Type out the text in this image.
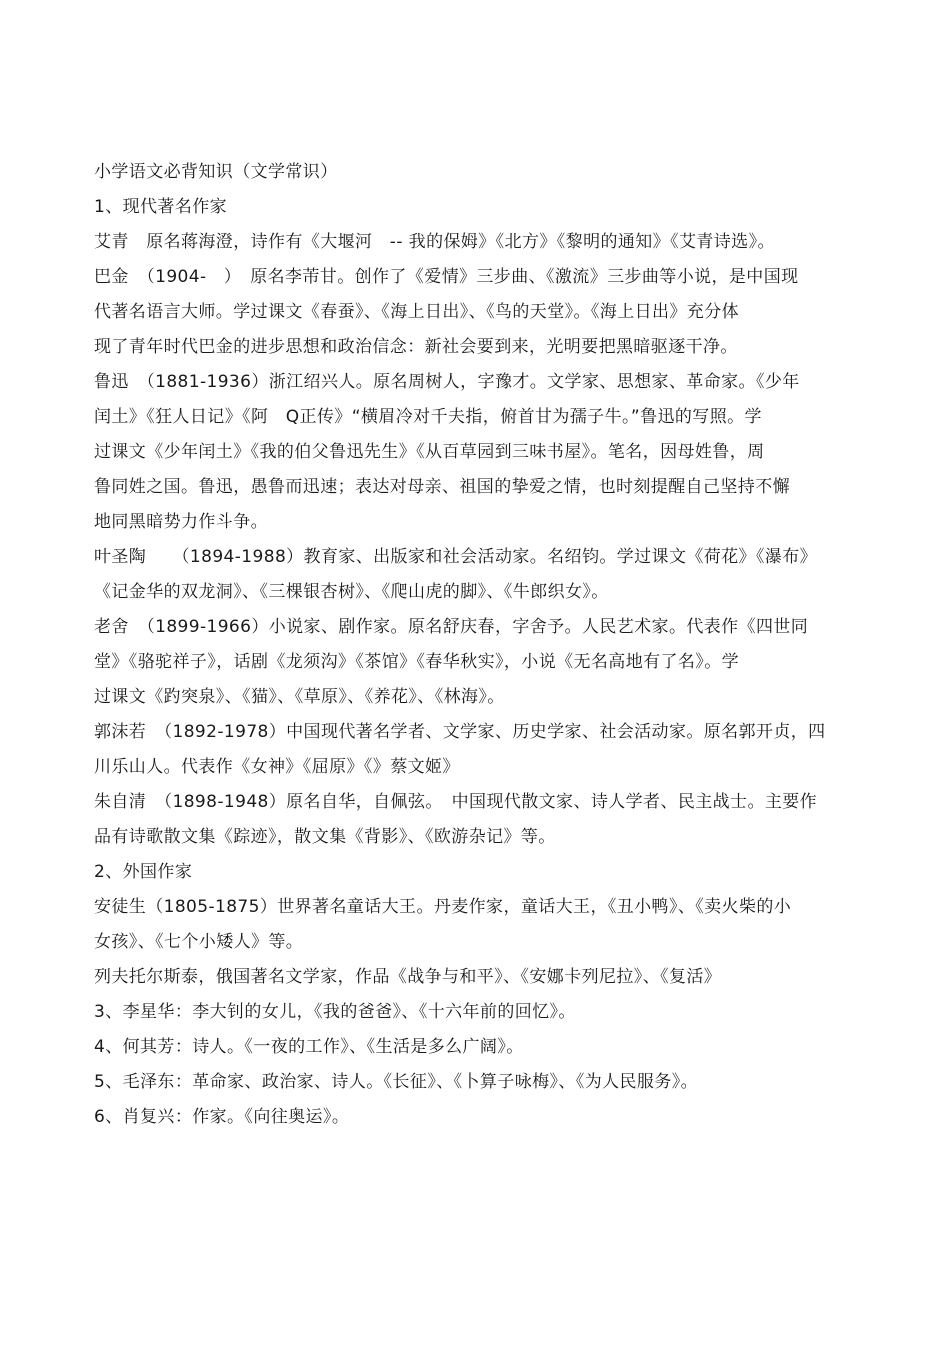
小学语文必背知识（文学常识）
1、现代著名作家
艾青　原名蒋海澄，诗作有《大堰河　-- 我的保姆》《北方》《黎明的通知》《艾青诗选》。
巴金　（1904-　）　原名李芾甘。创作了《爱情》三步曲、《激流》三步曲等小说，是中国现
代著名语言大师。学过课文《春蚕》、《海上日出》、《鸟的天堂》。《海上日出》充分体
现了青年时代巴金的进步思想和政治信念：新社会要到来，光明要把黑暗驱逐干净。
鲁迅　（1881-1936）浙江绍兴人。原名周树人，字豫才。文学家、思想家、革命家。《少年
闰土》《狂人日记》《阿　Q正传》“横眉冷对千夫指，俯首甘为孺子牛。”鲁迅的写照。学
过课文《少年闰土》《我的伯父鲁迅先生》《从百草园到三味书屋》。笔名，因母姓鲁，周
鲁同姓之国。鲁迅，愚鲁而迅速；表达对母亲、祖国的挚爱之情，也时刻提醒自己坚持不懈
地同黑暗势力作斗争。
叶圣陶　　（1894-1988）教育家、出版家和社会活动家。名绍钧。学过课文《荷花》《瀑布》
《记金华的双龙洞》、《三棵银杏树》、《爬山虎的脚》、《牛郎织女》。
老舍　（1899-1966）小说家、剧作家。原名舒庆春，字舍予。人民艺术家。代表作《四世同
堂》《骆驼祥子》，话剧《龙须沟》《茶馆》《春华秋实》，小说《无名高地有了名》。学
过课文《趵突泉》、《猫》、《草原》、《养花》、《林海》。
郭沫若　（1892-1978）中国现代著名学者、文学家、历史学家、社会活动家。原名郭开贞，四
川乐山人。代表作《女神》《屈原》《》蔡文姬》
朱自清　（1898-1948）原名自华，自佩弦。　中国现代散文家、诗人学者、民主战士。主要作
品有诗歌散文集《踪迹》，散文集《背影》、《欧游杂记》等。
2、外国作家
安徒生（1805-1875）世界著名童话大王。丹麦作家，童话大王，《丑小鸭》、《卖火柴的小
女孩》、《七个小矮人》等。
列夫托尔斯泰，俄国著名文学家，作品《战争与和平》、《安娜卡列尼拉》、《复活》
3、李星华：李大钊的女儿，《我的爸爸》、《十六年前的回忆》。
4、何其芳：诗人。《一夜的工作》、《生活是多么广阔》。
5、毛泽东：革命家、政治家、诗人。《长征》、《卜算子咏梅》、《为人民服务》。
6、肖复兴：作家。《向往奥运》。
